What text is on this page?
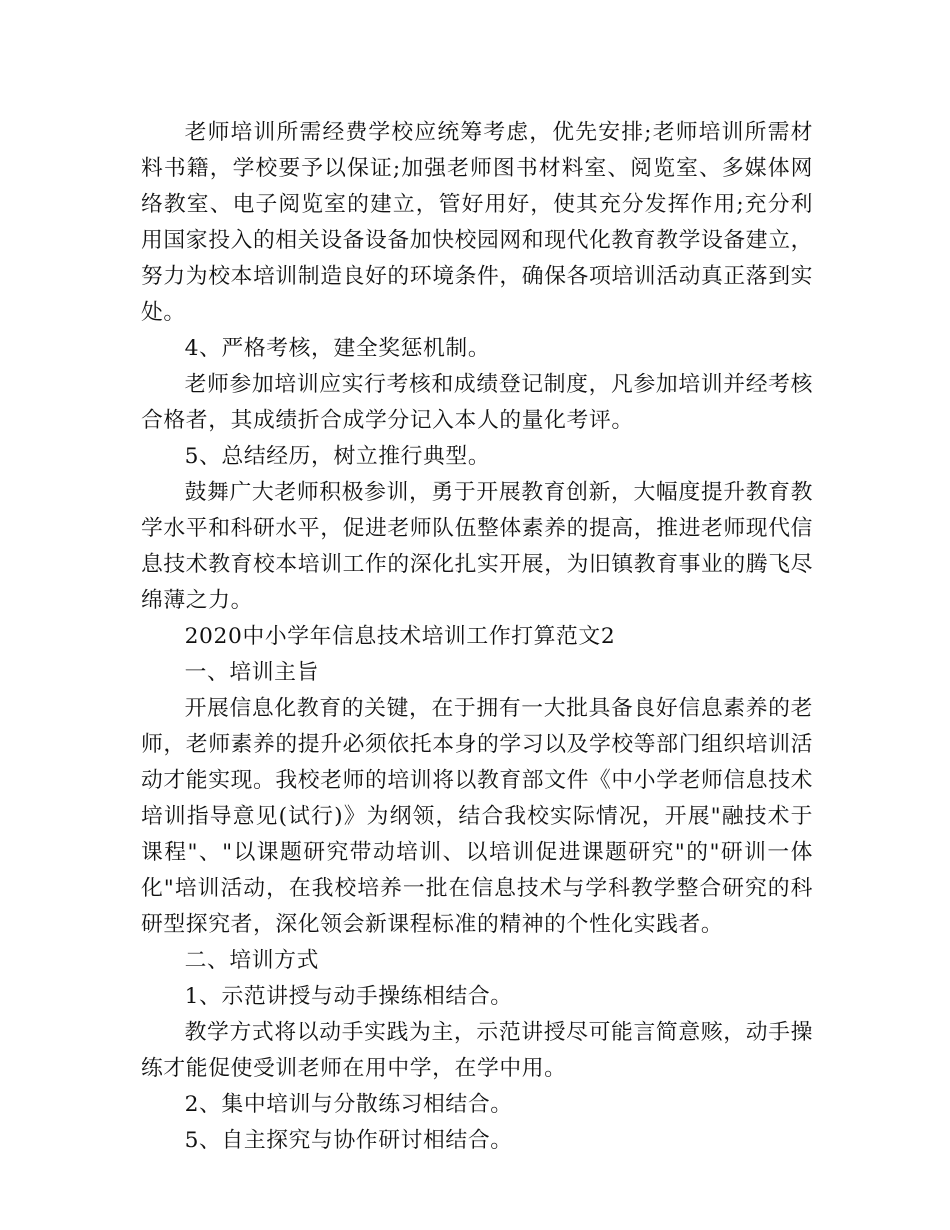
老师培训所需经费学校应统筹考虑，优先安排;老师培训所需材料书籍，学校要予以保证;加强老师图书材料室、阅览室、多媒体网络教室、电子阅览室的建立，管好用好，使其充分发挥作用;充分利用国家投入的相关设备设备加快校园网和现代化教育教学设备建立，努力为校本培训制造良好的环境条件，确保各项培训活动真正落到实处。

4、严格考核，建全奖惩机制。

老师参加培训应实行考核和成绩登记制度，凡参加培训并经考核合格者，其成绩折合成学分记入本人的量化考评。

5、总结经历，树立推行典型。

鼓舞广大老师积极参训，勇于开展教育创新，大幅度提升教育教学水平和科研水平，促进老师队伍整体素养的提高，推进老师现代信息技术教育校本培训工作的深化扎实开展，为旧镇教育事业的腾飞尽绵薄之力。

2020中小学年信息技术培训工作打算范文2

一、培训主旨

开展信息化教育的关键，在于拥有一大批具备良好信息素养的老师，老师素养的提升必须依托本身的学习以及学校等部门组织培训活动才能实现。我校老师的培训将以教育部文件《中小学老师信息技术培训指导意见(试行)》为纲领，结合我校实际情况，开展"融技术于课程"、"以课题研究带动培训、以培训促进课题研究"的"研训一体化"培训活动，在我校培养一批在信息技术与学科教学整合研究的科研型探究者，深化领会新课程标准的精神的个性化实践者。

二、培训方式

1、示范讲授与动手操练相结合。

教学方式将以动手实践为主，示范讲授尽可能言简意赅，动手操练才能促使受训老师在用中学，在学中用。

2、集中培训与分散练习相结合。

5、自主探究与协作研讨相结合。
